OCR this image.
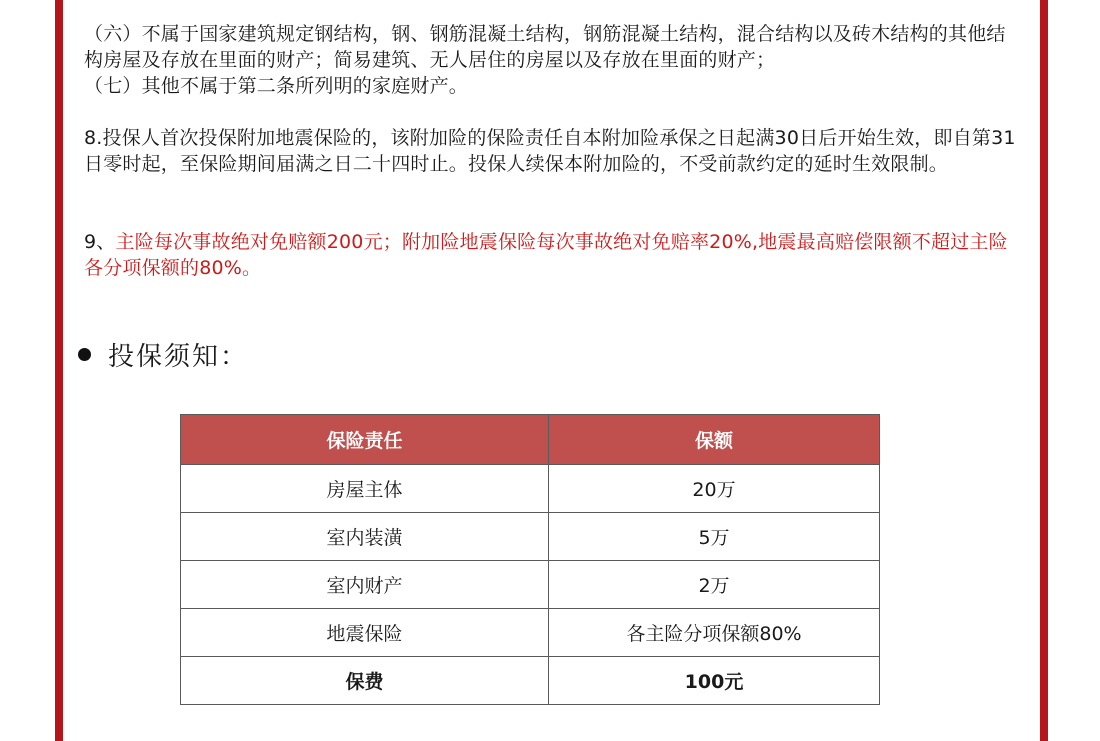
（六）不属于国家建筑规定钢结构，钢、钢筋混凝土结构，钢筋混凝土结构，混合结构以及砖木结构的其他结构房屋及存放在里面的财产；简易建筑、无人居住的房屋以及存放在里面的财产；
（七）其他不属于第二条所列明的家庭财产。
8.投保人首次投保附加地震保险的，该附加险的保险责任自本附加险承保之日起满30日后开始生效，即自第31日零时起，至保险期间届满之日二十四时止。投保人续保本附加险的，不受前款约定的延时生效限制。
9、主险每次事故绝对免赔额200元；附加险地震保险每次事故绝对免赔率20%,地震最高赔偿限额不超过主险各分项保额的80%。
投保须知：
保险责任	保额
房屋主体	20万
室内装潢	5万
室内财产	2万
地震保险	各主险分项保额80%
保费	100元
